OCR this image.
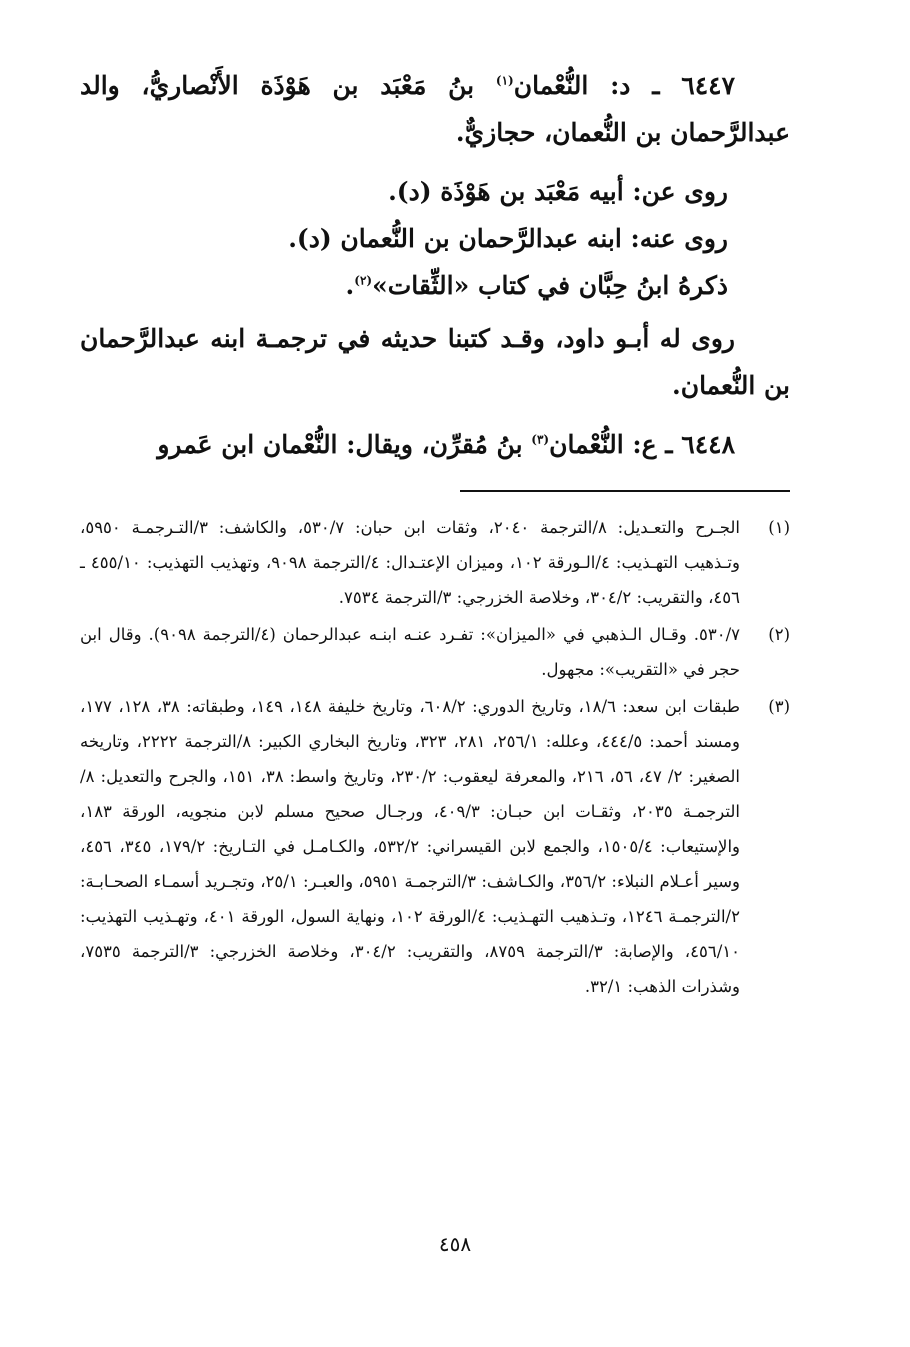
٦٤٤٧ ـ د: النُّعْمان$^{(١)}$ بنُ مَعْبَد بن هَوْذَة الأَنْصاريُّ، والد عبدالرَّحمان بن النُّعمان، حجازيٌّ.

روى عن: أبيه مَعْبَد بن هَوْذَة (د).

روى عنه: ابنه عبدالرَّحمان بن النُّعمان (د).

ذكرهُ ابنُ حِبَّان في كتاب «الثِّقات»$^{(٢)}$.

روى له أبـو داود، وقـد كتبنا حديثه في ترجمـة ابنه عبدالرَّحمان بن النُّعمان.

٦٤٤٨ ـ ع: النُّعْمان$^{(٣)}$ بنُ مُقرِّن، ويقال: النُّعْمان ابن عَمرو

(١)
الجـرح والتعـديل: ٨/الترجمة ٢٠٤٠، وثقات ابن حبان: ٥٣٠/٧، والكاشف: ٣/التـرجمـة ٥٩٥٠، وتـذهيب التهـذيب: ٤/الـورقة ١٠٢، وميزان الإعتـدال: ٤/الترجمة ٩٠٩٨، وتهذيب التهذيب: ٤٥٥/١٠ ـ ٤٥٦، والتقريب: ٣٠٤/٢، وخلاصة الخزرجي: ٣/الترجمة ٧٥٣٤.
(٢)
٥٣٠/٧. وقـال الـذهبي في «الميزان»: تفـرد عنـه ابنـه عبدالرحمان (٤/الترجمة ٩٠٩٨). وقال ابن حجر في «التقريب»: مجهول.
(٣)
طبقات ابن سعد: ١٨/٦، وتاريخ الدوري: ٦٠٨/٢، وتاريخ خليفة ١٤٨، ١٤٩، وطبقاته: ٣٨، ١٢٨، ١٧٧، ومسند أحمد: ٤٤٤/٥، وعلله: ٢٥٦/١، ٢٨١، ٣٢٣، وتاريخ البخاري الكبير: ٨/الترجمة ٢٢٢٢، وتاريخه الصغير: ٢/ ٤٧، ٥٦، ٢١٦، والمعرفة ليعقوب: ٢٣٠/٢، وتاريخ واسط: ٣٨، ١٥١، والجرح والتعديل: ٨/الترجمـة ٢٠٣٥، وثقـات ابن حبـان: ٤٠٩/٣، ورجـال صحيح مسلم لابن منجويه، الورقة ١٨٣، والإستيعاب: ١٥٠٥/٤، والجمع لابن القيسراني: ٥٣٢/٢، والكـامـل في التـاريخ: ١٧٩/٢، ٣٤٥، ٤٥٦، وسير أعـلام النبلاء: ٣٥٦/٢، والكـاشف: ٣/الترجمـة ٥٩٥١، والعبـر: ٢٥/١، وتجـريد أسمـاء الصحـابـة: ٢/الترجمـة ١٢٤٦، وتـذهيب التهـذيب: ٤/الورقة ١٠٢، ونهاية السول، الورقة ٤٠١، وتهـذيب التهذيب: ٤٥٦/١٠، والإصابة: ٣/الترجمة ٨٧٥٩، والتقريب: ٣٠٤/٢، وخلاصة الخزرجي: ٣/الترجمة ٧٥٣٥، وشذرات الذهب: ٣٢/١.
٤٥٨
